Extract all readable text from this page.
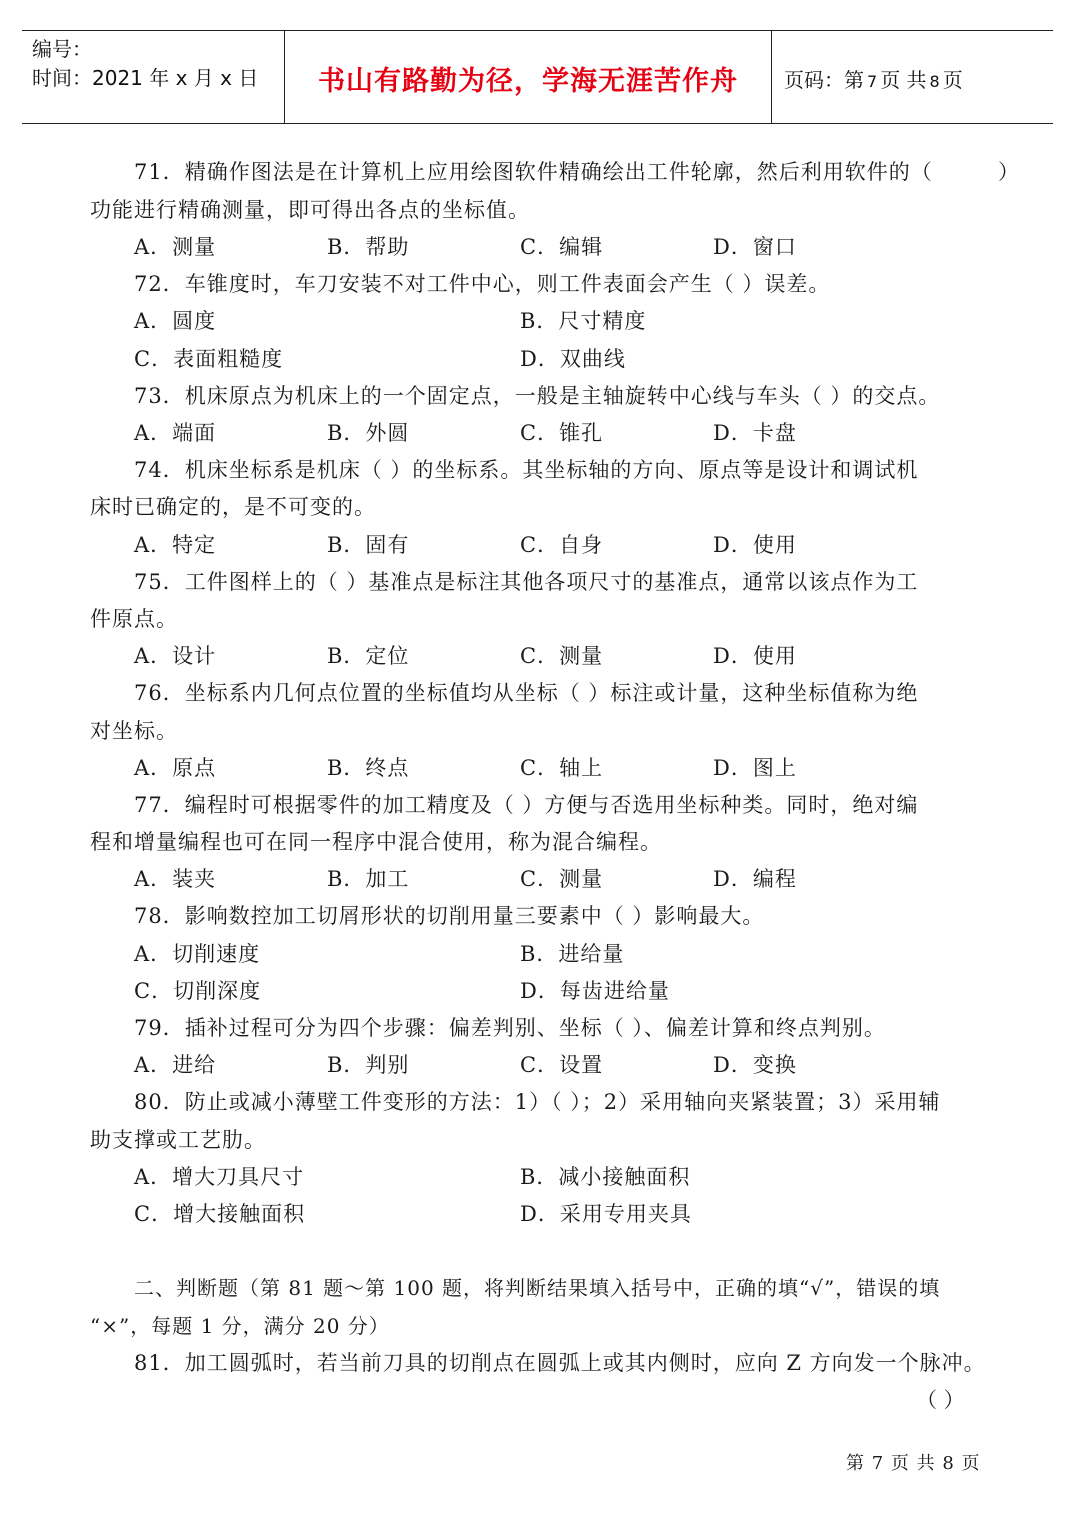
编号：
时间：2021 年 x 月 x 日	书山有路勤为径，学海无涯苦作舟	页码：第 7 页 共 8 页
71．精确作图法是在计算机上应用绘图软件精确绘出工件轮廓，然后利用软件的（	）
功能进行精确测量，即可得出各点的坐标值。
A．测量	B．帮助	C．编辑	D．窗口
72．车锥度时，车刀安装不对工件中心，则工件表面会产生（ ）误差。
A．圆度	B．尺寸精度
C．表面粗糙度	D．双曲线
73．机床原点为机床上的一个固定点，一般是主轴旋转中心线与车头（ ）的交点。
A．端面	B．外圆	C．锥孔	D．卡盘
74．机床坐标系是机床（ ）的坐标系。其坐标轴的方向、原点等是设计和调试机
床时已确定的，是不可变的。
A．特定	B．固有	C．自身	D．使用
75．工件图样上的（ ）基准点是标注其他各项尺寸的基准点，通常以该点作为工
件原点。
A．设计	B．定位	C．测量	D．使用
76．坐标系内几何点位置的坐标值均从坐标（ ）标注或计量，这种坐标值称为绝
对坐标。
A．原点	B．终点	C．轴上	D．图上
77．编程时可根据零件的加工精度及（ ）方便与否选用坐标种类。同时，绝对编
程和增量编程也可在同一程序中混合使用，称为混合编程。
A．装夹	B．加工	C．测量	D．编程
78．影响数控加工切屑形状的切削用量三要素中（ ）影响最大。
A．切削速度	B．进给量
C．切削深度	D．每齿进给量
79．插补过程可分为四个步骤：偏差判别、坐标（ ）、偏差计算和终点判别。
A．进给	B．判别	C．设置	D．变换
80．防止或减小薄壁工件变形的方法：1）（ ）；2）采用轴向夹紧装置；3）采用辅
助支撑或工艺肋。
A．增大刀具尺寸	B．减小接触面积
C．增大接触面积	D．采用专用夹具
二、判断题（第 81 题～第 100 题，将判断结果填入括号中，正确的填“√”，错误的填
“×”，每题 1 分，满分 20 分）
81．加工圆弧时，若当前刀具的切削点在圆弧上或其内侧时，应向 Z 方向发一个脉冲。
（ ）
第 7 页 共 8 页
